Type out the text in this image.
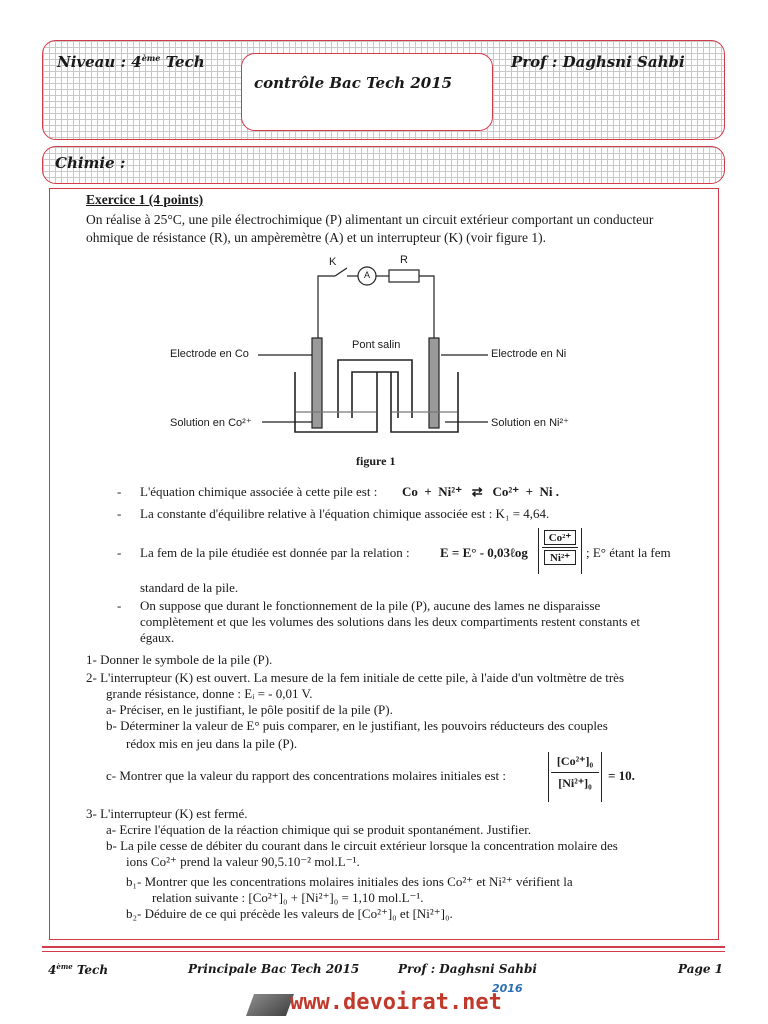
Niveau : 4ème Tech
contrôle Bac Tech 2015
Prof : Daghsni Sahbi
Chimie :
Exercice 1 (4 points)
On réalise à 25°C, une pile électrochimique (P) alimentant un circuit extérieur comportant un conducteur
ohmique de résistance (R), un ampèremètre (A) et un interrupteur (K) (voir figure 1).
K
A
R
Pont salin
Electrode en Co	Electrode en Ni
Solution en Co²⁺	Solution en Ni²⁺
figure 1
- L'équation chimique associée à cette pile est : Co  +  Ni²⁺   ⇄   Co²⁺  +  Ni .
- La constante d'équilibre relative à l'équation chimique associée est : K₁ = 4,64.
- La fem de la pile étudiée est donnée par la relation : E = E° - 0,03ℓog
Co²⁺
Ni²⁺	; E° étant la fem
standard de la pile.
- On suppose que durant le fonctionnement de la pile (P), aucune des lames ne disparaisse
complètement et que les volumes des solutions dans les deux compartiments restent constants et
égaux.
1- Donner le symbole de la pile (P).
2- L'interrupteur (K) est ouvert. La mesure de la fem initiale de cette pile, à l'aide d'un voltmètre de très
grande résistance, donne : Eᵢ = - 0,01 V.
a- Préciser, en le justifiant, le pôle positif de la pile (P).
b- Déterminer la valeur de E° puis comparer, en le justifiant, les pouvoirs réducteurs des couples
rédox mis en jeu dans la pile (P).
c- Montrer que la valeur du rapport des concentrations molaires initiales est :
[Co²⁺]₀
[Ni²⁺]₀	= 10.
3- L'interrupteur (K) est fermé.
a- Ecrire l'équation de la réaction chimique qui se produit spontanément. Justifier.
b- La pile cesse de débiter du courant dans le circuit extérieur lorsque la concentration molaire des
ions Co²⁺ prend la valeur 90,5.10⁻² mol.L⁻¹.
b₁- Montrer que les concentrations molaires initiales des ions Co²⁺ et Ni²⁺ vérifient la
relation suivante : [Co²⁺]₀ + [Ni²⁺]₀ = 1,10 mol.L⁻¹.
b₂- Déduire de ce qui précède les valeurs de [Co²⁺]₀ et [Ni²⁺]₀.
4ème Tech	Principale Bac Tech 2015	Prof : Daghsni Sahbi	Page 1
www.devoirat.net
2016
